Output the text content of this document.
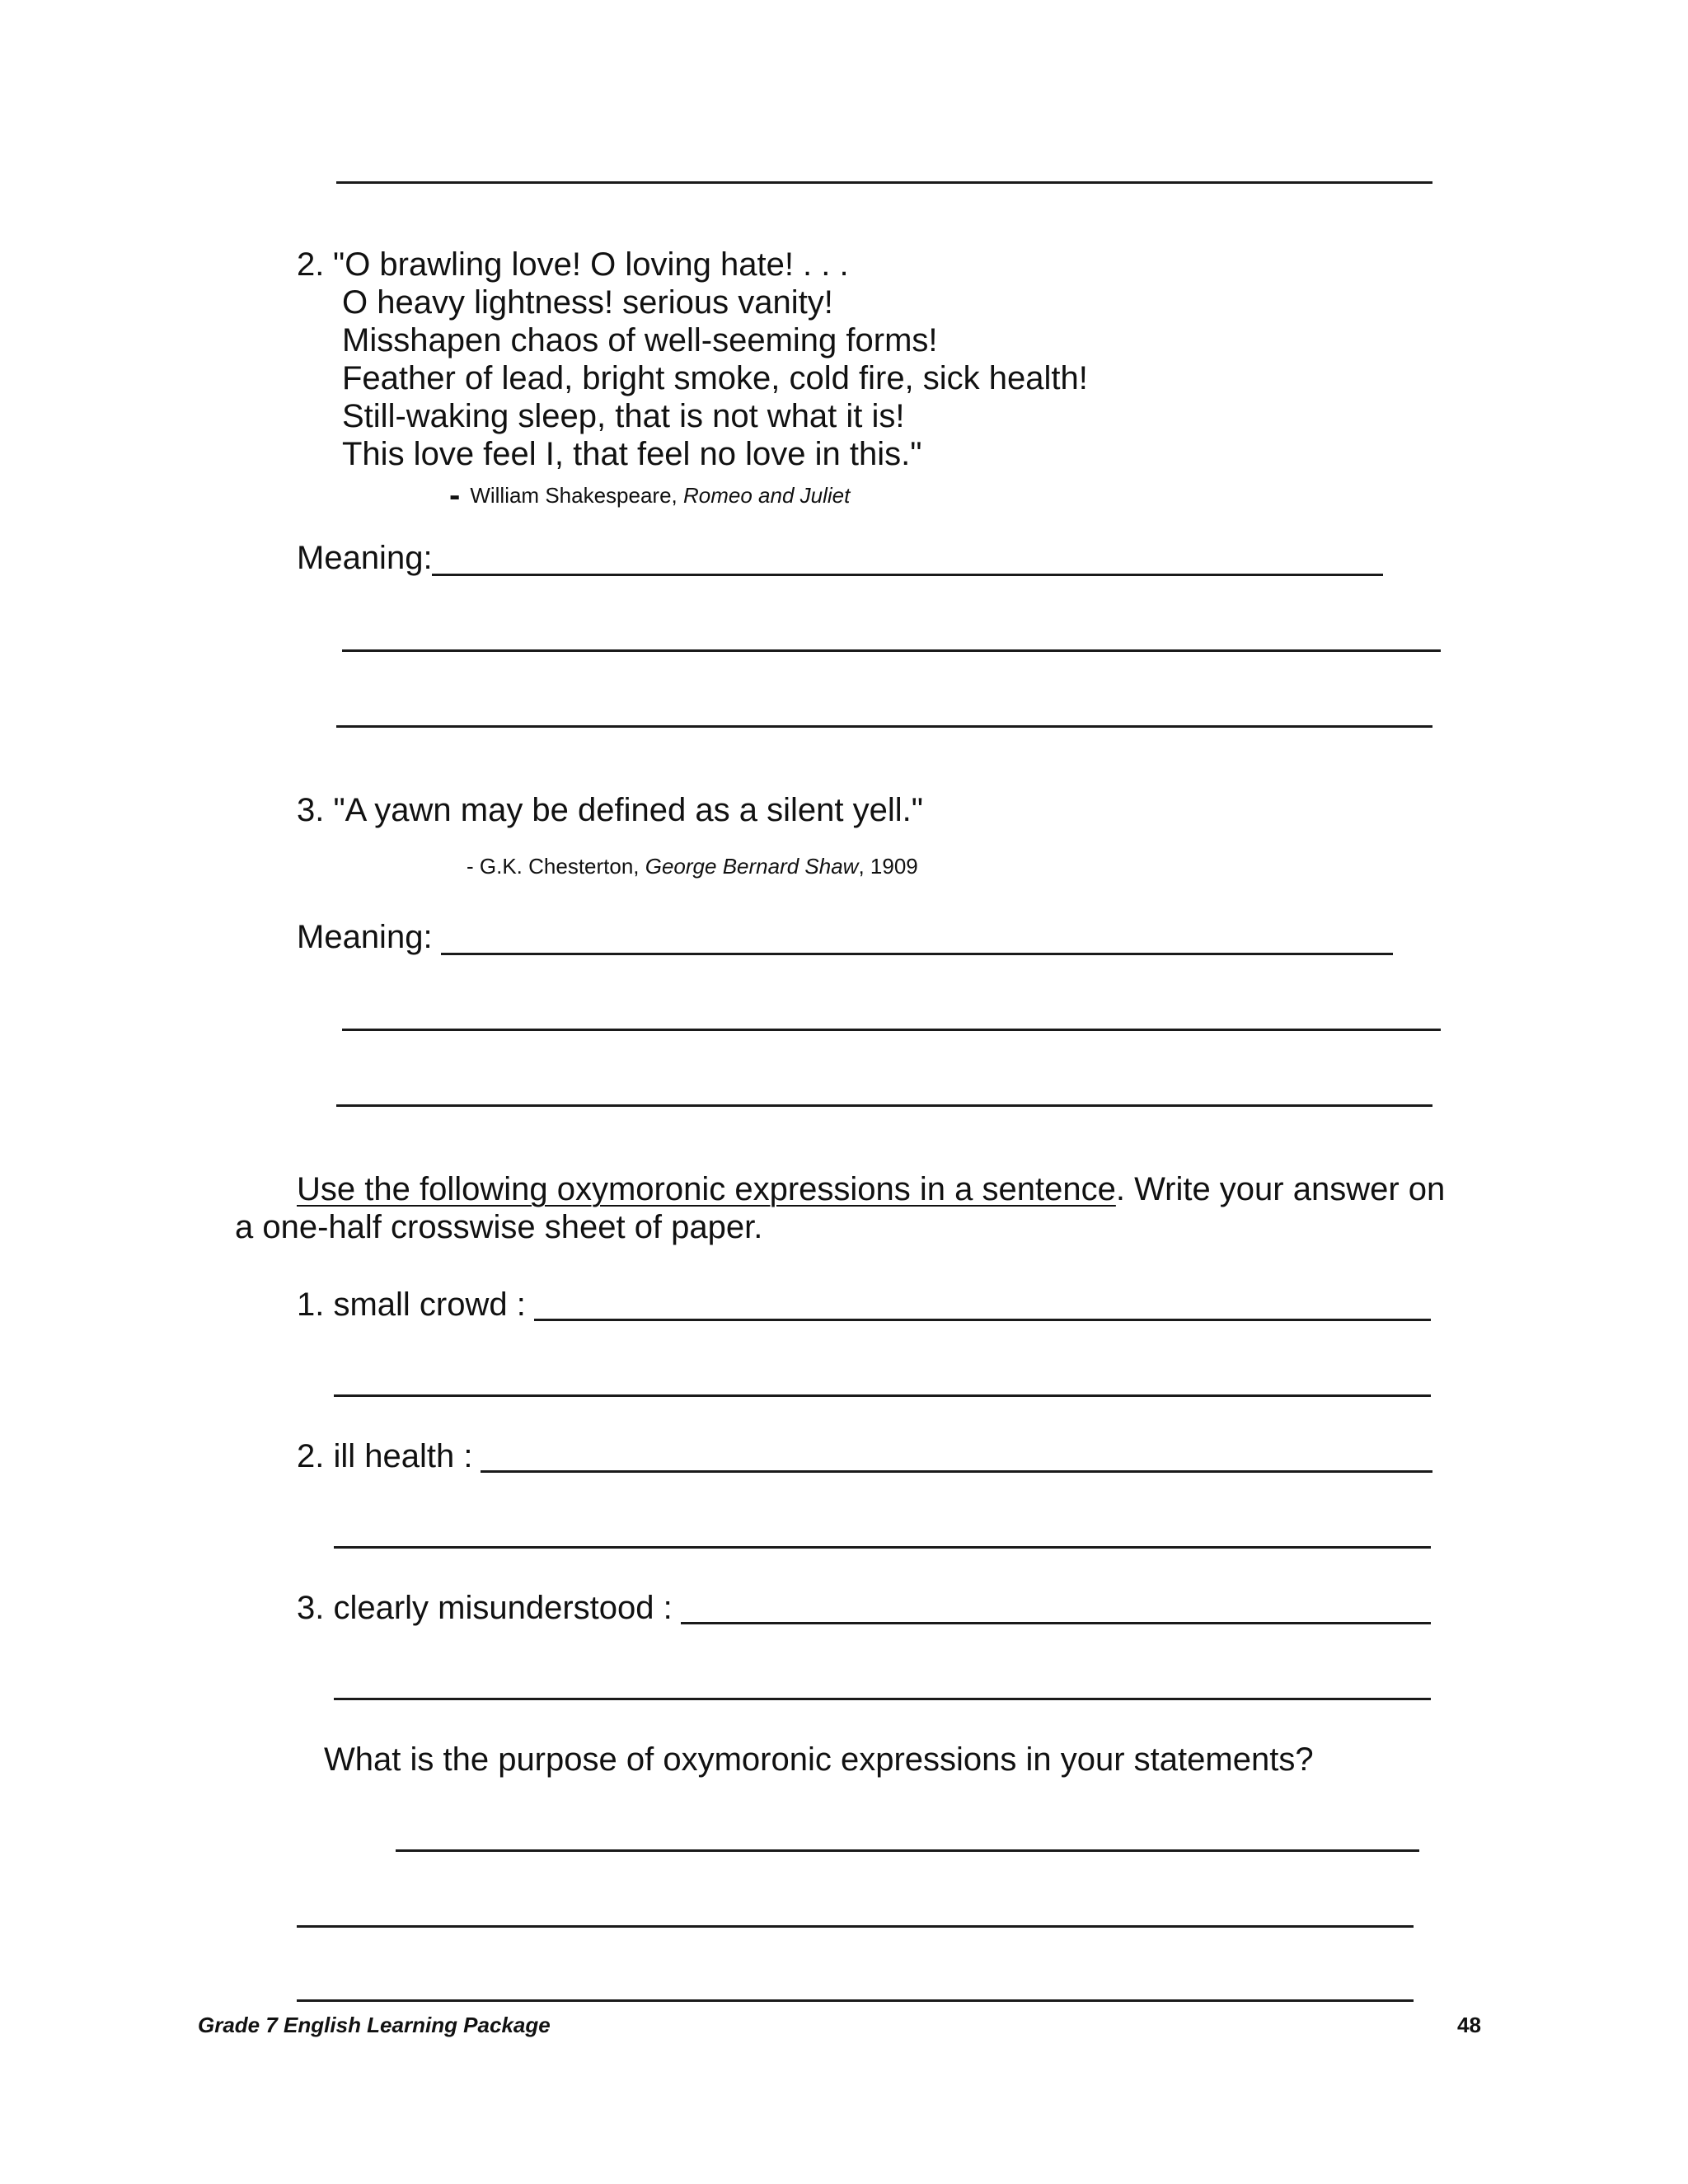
2. "O brawling love! O loving hate! . . .
O heavy lightness! serious vanity!
Misshapen chaos of well-seeming forms!
Feather of lead, bright smoke, cold fire, sick health!
Still-waking sleep, that is not what it is!
This love feel I, that feel no love in this."
- William Shakespeare, Romeo and Juliet
Meaning:
3. "A yawn may be defined as a silent yell."
- G.K. Chesterton, George Bernard Shaw, 1909
Meaning:
Use the following oxymoronic expressions in a sentence. Write your answer on
a one-half crosswise sheet of paper.
1. small crowd :
2. ill health :
3. clearly misunderstood :
What is the purpose of oxymoronic expressions in your statements?
Grade 7 English Learning Package	48
